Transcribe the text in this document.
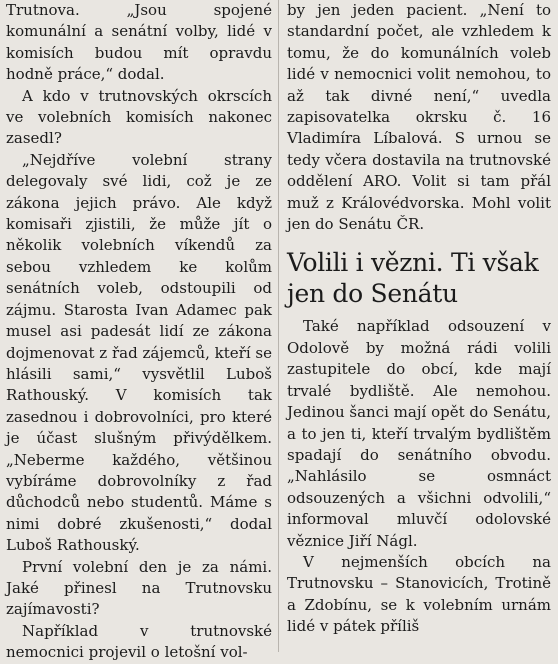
Trutnova. „Jsou spojené komunální a senátní volby, lidé v komisích budou mít opravdu hodně práce,“ dodal.

A kdo v trutnovských okrscích ve volebních komisích nakonec zasedl?

„Nejdříve volební strany delegovaly své lidi, což je ze zákona jejich právo. Ale když komisaři zjistili, že může jít o několik volebních víkendů za sebou vzhledem ke kolům senátních voleb, odstoupili od zájmu. Starosta Ivan Adamec pak musel asi padesát lidí ze zákona dojmenovat z řad zájemců, kteří se hlásili sami,“ vysvětlil Luboš Rathouský. V komisích tak zasednou i dobrovolníci, pro které je účast slušným přivýdělkem. „Neberme každého, většinou vybíráme dobrovolníky z řad důchodců nebo studentů. Máme s nimi dobré zkušenosti,“ dodal Luboš Rathouský.

První volební den je za námi. Jaké přinesl na Trutnovsku zajímavosti?

Například v trutnovské nemocnici projevil o letošní vol-

by jen jeden pacient. „Není to standardní počet, ale vzhledem k tomu, že do komunálních voleb lidé v nemocnici volit nemohou, to až tak divné není,“ uvedla zapisovatelka okrsku č. 16 Vladimíra Líbalová. S urnou se tedy včera dostavila na trutnovské oddělení ARO. Volit si tam přál muž z Královédvorska. Mohl volit jen do Senátu ČR.

Volili i vězni. Ti však jen do Senátu

Také například odsouzení v Odolově by možná rádi volili zastupitele do obcí, kde mají trvalé bydliště. Ale nemohou. Jedinou šanci mají opět do Senátu, a to jen ti, kteří trvalým bydlištěm spadají do senátního obvodu. „Nahlásilo se osmnáct odsouzených a všichni odvolili,“ informoval mluvčí odolovské věznice Jiří Nágl.

V nejmenších obcích na Trutnovsku – Stanovicích, Trotině a Zdobínu, se k volebním urnám lidé v pátek příliš
